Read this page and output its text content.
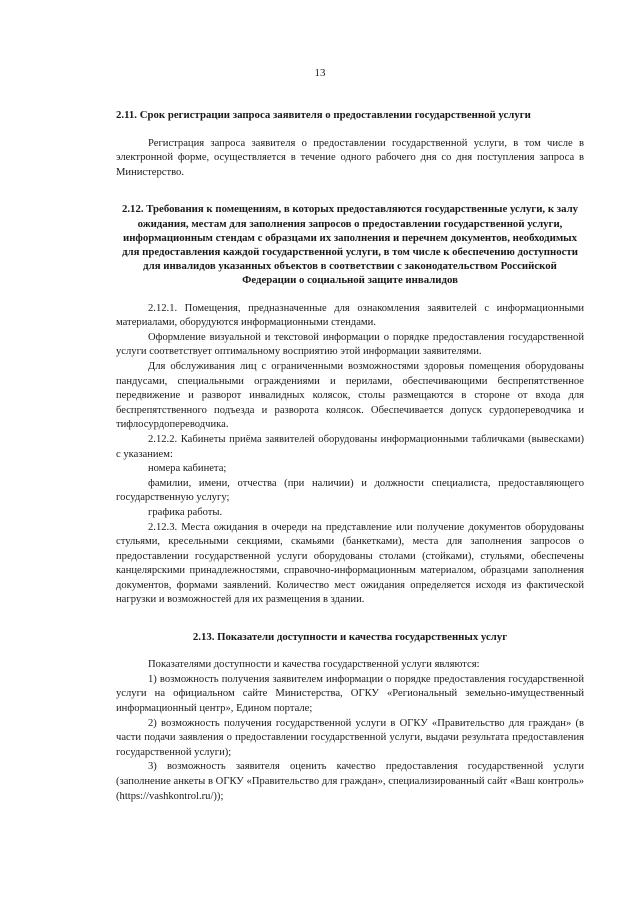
13
2.11. Срок регистрации запроса заявителя о предоставлении государственной услуги

Регистрация запроса заявителя о предоставлении государственной услуги, в том числе в электронной форме, осуществляется в течение одного рабочего дня со дня поступления запроса в Министерство.

2.12. Требования к помещениям, в которых предоставляются государственные услуги, к залу ожидания, местам для заполнения запросов о предоставлении государственной услуги, информационным стендам с образцами их заполнения и перечнем документов, необходимых для предоставления каждой государственной услуги, в том числе к обеспечению доступности для инвалидов указанных объектов в соответствии с законодательством Российской Федерации о социальной защите инвалидов

2.12.1. Помещения, предназначенные для ознакомления заявителей с информационными материалами, оборудуются информационными стендами.

Оформление визуальной и текстовой информации о порядке предоставления государственной услуги соответствует оптимальному восприятию этой информации заявителями.

Для обслуживания лиц с ограниченными возможностями здоровья помещения оборудованы пандусами, специальными ограждениями и перилами, обеспечивающими беспрепятственное передвижение и разворот инвалидных колясок, столы размещаются в стороне от входа для беспрепятственного подъезда и разворота колясок. Обеспечивается допуск сурдопереводчика и тифлосурдопереводчика.

2.12.2. Кабинеты приёма заявителей оборудованы информационными табличками (вывесками) с указанием:

номера кабинета;

фамилии, имени, отчества (при наличии) и должности специалиста, предоставляющего государственную услугу;

графика работы.

2.12.3. Места ожидания в очереди на представление или получение документов оборудованы стульями, кресельными секциями, скамьями (банкетками), места для заполнения запросов о предоставлении государственной услуги оборудованы столами (стойками), стульями, обеспечены канцелярскими принадлежностями, справочно-информационным материалом, образцами заполнения документов, формами заявлений. Количество мест ожидания определяется исходя из фактической нагрузки и возможностей для их размещения в здании.

2.13. Показатели доступности и качества государственных услуг

Показателями доступности и качества государственной услуги являются:

1) возможность получения заявителем информации о порядке предоставления государственной услуги на официальном сайте Министерства, ОГКУ «Региональный земельно-имущественный информационный центр», Едином портале;

2) возможность получения государственной услуги в ОГКУ «Правительство для граждан» (в части подачи заявления о предоставлении государственной услуги, выдачи результата предоставления государственной услуги);

3) возможность заявителя оценить качество предоставления государственной услуги (заполнение анкеты в ОГКУ «Правительство для граждан», специализированный сайт «Ваш контроль» (https://vashkontrol.ru/));
